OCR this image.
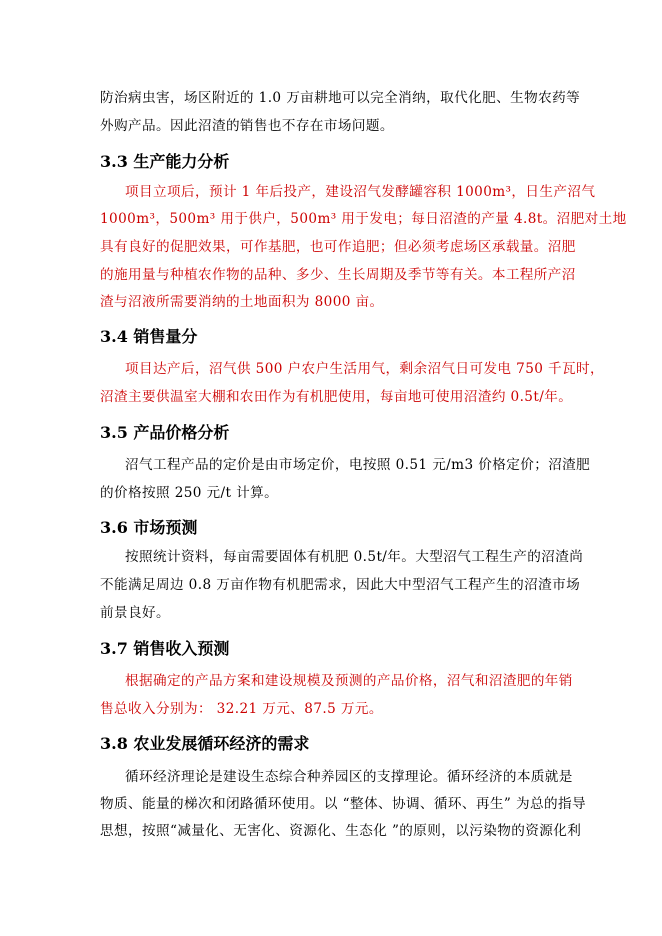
防治病虫害，场区附近的 1.0 万亩耕地可以完全消纳，取代化肥、生物农药等
外购产品。因此沼渣的销售也不存在市场问题。
3.3 生产能力分析
项目立项后，预计 1 年后投产，建设沼气发酵罐容积 1000m³，日生产沼气
1000m³，500m³ 用于供户，500m³ 用于发电；每日沼渣的产量 4.8t。沼肥对土地
具有良好的促肥效果，可作基肥，也可作追肥；但必须考虑场区承载量。沼肥
的施用量与种植农作物的品种、多少、生长周期及季节等有关。本工程所产沼
渣与沼液所需要消纳的土地面积为 8000 亩。
3.4 销售量分
项目达产后，沼气供 500 户农户生活用气，剩余沼气日可发电 750 千瓦时，
沼渣主要供温室大棚和农田作为有机肥使用，每亩地可使用沼渣约 0.5t/年。
3.5 产品价格分析
沼气工程产品的定价是由市场定价，电按照 0.51 元/m3 价格定价；沼渣肥
的价格按照 250 元/t 计算。
3.6 市场预测
按照统计资料，每亩需要固体有机肥 0.5t/年。大型沼气工程生产的沼渣尚
不能满足周边 0.8 万亩作物有机肥需求，因此大中型沼气工程产生的沼渣市场
前景良好。
3.7 销售收入预测
根据确定的产品方案和建设规模及预测的产品价格，沼气和沼渣肥的年销
售总收入分别为： 32.21 万元、87.5 万元。
3.8 农业发展循环经济的需求
循环经济理论是建设生态综合种养园区的支撑理论。循环经济的本质就是
物质、能量的梯次和闭路循环使用。以 “整体、协调、循环、再生” 为总的指导
思想，按照“减量化、无害化、资源化、生态化 ”的原则，以污染物的资源化利
